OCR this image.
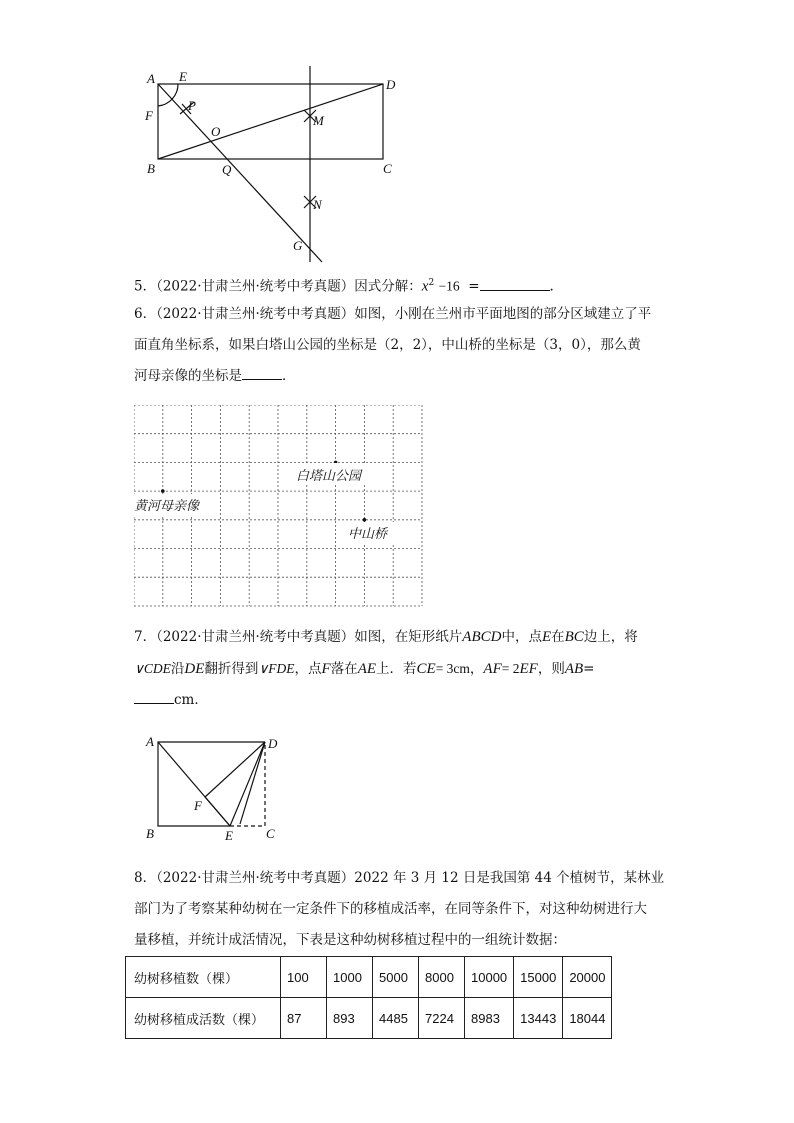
A E
D
F
P
M
O
B	Q	C
N
G
5．（2022·甘肃兰州·统考中考真题）因式分解：$x^2 -16$ =	.
6．（2022·甘肃兰州·统考中考真题）如图，小刚在兰州市平面地图的部分区域建立了平
面直角坐标系，如果白塔山公园的坐标是（2，2），中山桥的坐标是（3，0），那么黄
河母亲像的坐标是	．
白塔山公园
黄河母亲像
中山桥
7．（2022·甘肃兰州·统考中考真题）如图，在矩形纸片ABCD中，点E在BC边上，将
∨CDE沿DE翻折得到∨FDE，点F落在AE上．若CE= 3cm，AF= 2EF，则AB=
cm．
A	D
F
B	E	C
8．（2022·甘肃兰州·统考中考真题）2022 年 3 月 12 日是我国第 44 个植树节，某林业
部门为了考察某种幼树在一定条件下的移植成活率，在同等条件下，对这种幼树进行大
量移植，并统计成活情况，下表是这种幼树移植过程中的一组统计数据：
幼树移植数（棵）	100	1000	5000	8000	10000	15000	20000
幼树移植成活数（棵）	87	893	4485	7224	8983	13443	18044
